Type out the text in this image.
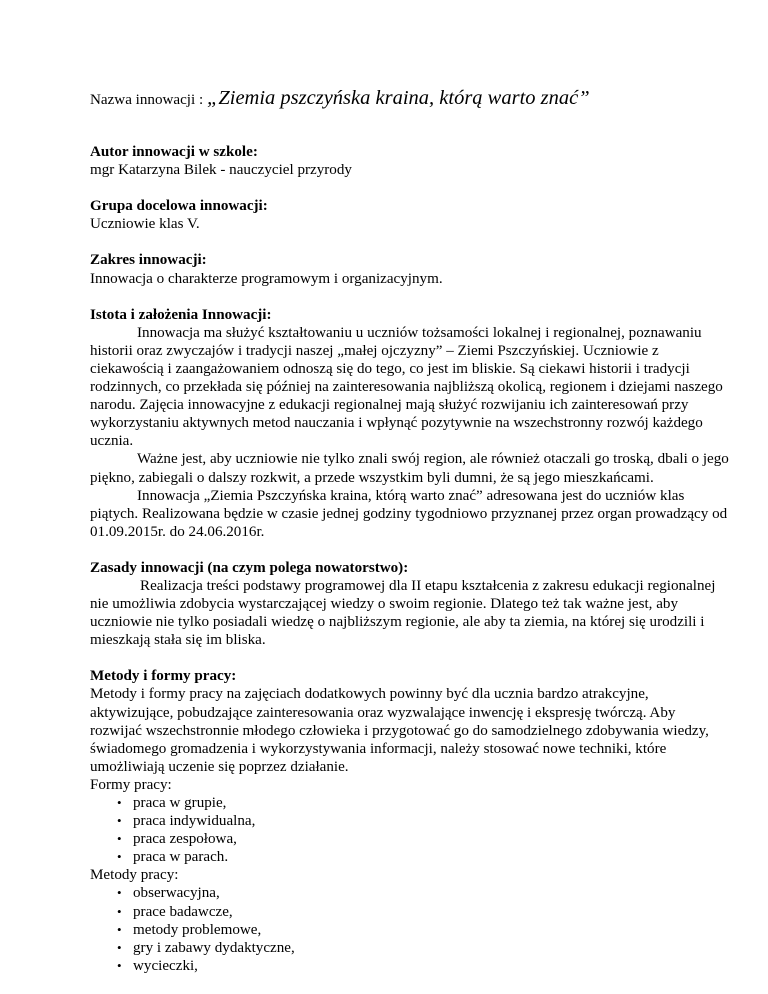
Nazwa innowacji : „Ziemia pszczyńska kraina, którą warto znać”

Autor innowacji w szkole:

mgr Katarzyna Bilek - nauczyciel przyrody

Grupa docelowa innowacji:

Uczniowie klas V.

Zakres innowacji:

Innowacja o charakterze programowym i organizacyjnym.

Istota i założenia Innowacji:

Innowacja ma służyć kształtowaniu u uczniów tożsamości lokalnej i regionalnej, poznawaniu historii oraz zwyczajów i tradycji naszej „małej ojczyzny” – Ziemi Pszczyńskiej. Uczniowie z ciekawością i zaangażowaniem odnoszą się do tego, co jest im bliskie. Są ciekawi historii i tradycji rodzinnych, co przekłada się później na zainteresowania najbliższą okolicą, regionem i dziejami naszego narodu. Zajęcia innowacyjne z edukacji regionalnej mają służyć rozwijaniu ich zainteresowań przy wykorzystaniu aktywnych metod nauczania i wpłynąć pozytywnie na wszechstronny rozwój każdego ucznia.

Ważne jest, aby uczniowie nie tylko znali swój region, ale również otaczali go troską, dbali o jego piękno, zabiegali o dalszy rozkwit, a przede wszystkim byli dumni, że są jego mieszkańcami.

Innowacja „Ziemia Pszczyńska kraina, którą warto znać” adresowana jest do uczniów klas piątych. Realizowana będzie w czasie jednej godziny tygodniowo przyznanej przez organ prowadzący od 01.09.2015r. do 24.06.2016r.

Zasady innowacji (na czym polega nowatorstwo):

Realizacja treści podstawy programowej dla II etapu kształcenia z zakresu edukacji regionalnej nie umożliwia zdobycia wystarczającej wiedzy o swoim regionie. Dlatego też tak ważne jest, aby uczniowie nie tylko posiadali wiedzę o najbliższym regionie, ale aby ta ziemia, na której się urodzili i mieszkają stała się im bliska.

Metody i formy pracy:

Metody i formy pracy na zajęciach dodatkowych powinny być dla ucznia bardzo atrakcyjne, aktywizujące, pobudzające zainteresowania oraz wyzwalające inwencję i ekspresję twórczą. Aby rozwijać wszechstronnie młodego człowieka i przygotować go do samodzielnego zdobywania wiedzy, świadomego gromadzenia i wykorzystywania informacji, należy stosować nowe techniki, które umożliwiają uczenie się poprzez działanie.

Formy pracy:

• praca w grupie,
• praca indywidualna,
• praca zespołowa,
• praca w parach.

Metody pracy:

• obserwacyjna,
• prace badawcze,
• metody problemowe,
• gry i zabawy dydaktyczne,
• wycieczki,
